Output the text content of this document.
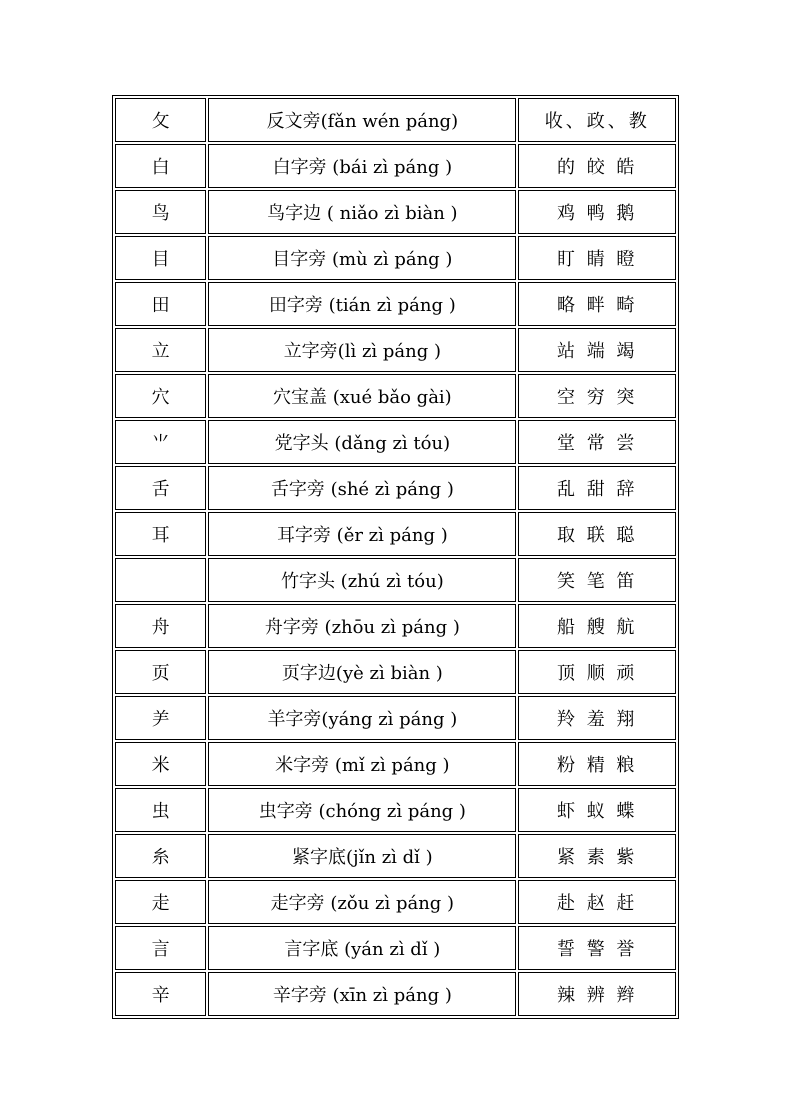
攵	反文旁(fǎn wén páng)	收、政、教
白	白字旁 (bái zì páng )	的 皎 皓
鸟	鸟字边 ( niǎo zì biàn )	鸡 鸭 鹅
目	目字旁 (mù zì páng )	盯 睛 瞪
田	田字旁 (tián zì páng )	略 畔 畸
立	立字旁(lì zì páng )	站 端 竭
穴	穴宝盖 (xué bǎo gài)	空 穷 突
⺌	党字头 (dǎng zì tóu)	堂 常 尝
舌	舌字旁 (shé zì páng )	乱 甜 辞
耳	耳字旁 (ěr zì páng )	取 联 聪
	竹字头 (zhú zì tóu)	笑 笔 笛
舟	舟字旁 (zhōu zì páng )	船 艘 航
页	页字边(yè zì biàn )	顶 顺 顽
⺶	羊字旁(yáng zì páng )	羚 羞 翔
米	米字旁 (mǐ zì páng )	粉 精 粮
虫	虫字旁 (chóng zì páng )	虾 蚁 蝶
糸	紧字底(jǐn zì dǐ )	紧 素 紫
走	走字旁 (zǒu zì páng )	赴 赵 赶
言	言字底 (yán zì dǐ )	誓 警 誉
辛	辛字旁 (xīn zì páng )	辣 辨 辫
